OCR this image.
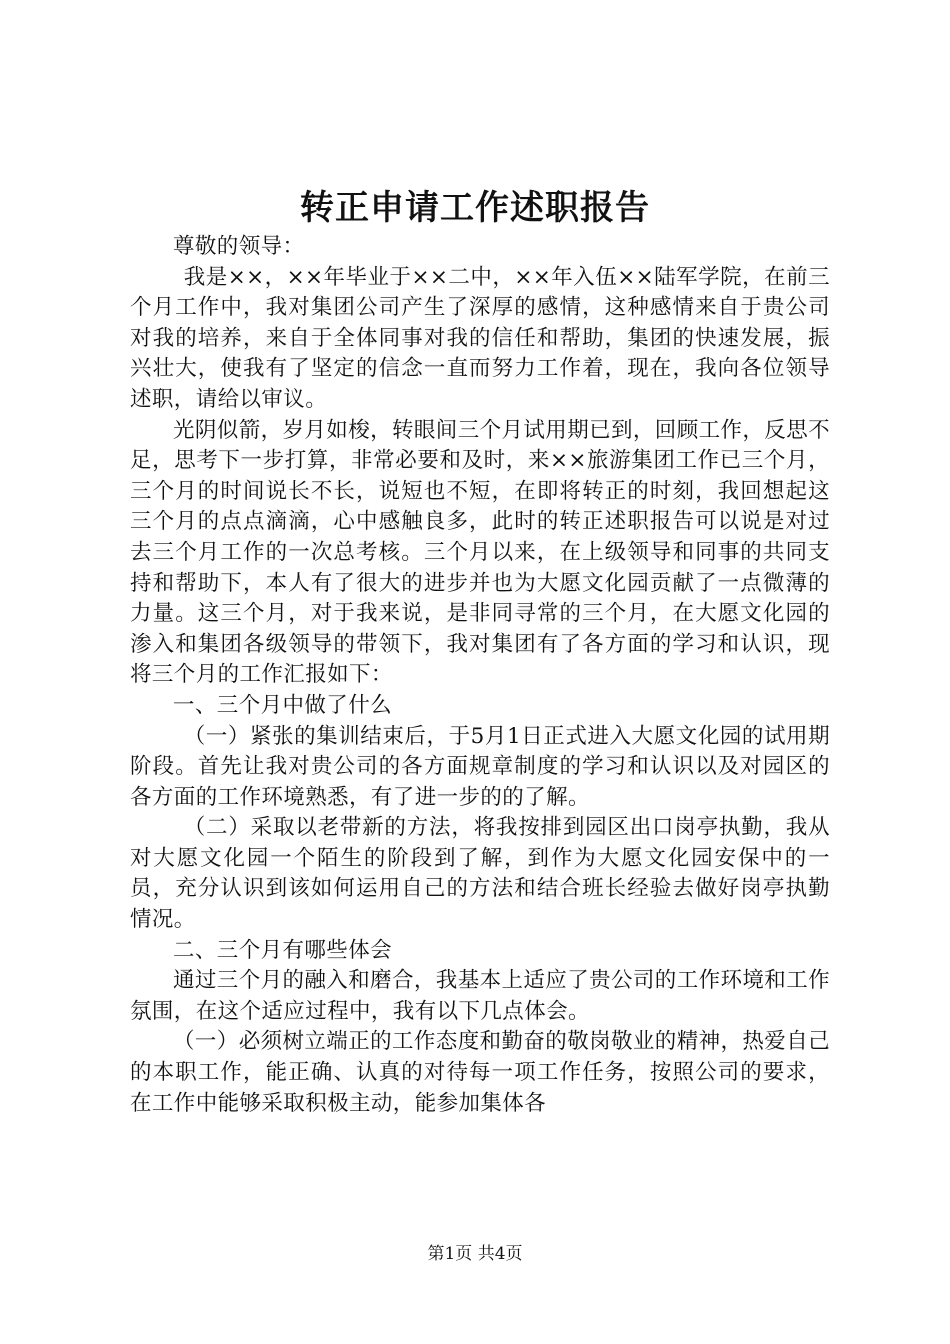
转正申请工作述职报告

尊敬的领导：

我是××，××年毕业于××二中，××年入伍××陆军学院，在前三个月工作中，我对集团公司产生了深厚的感情，这种感情来自于贵公司对我的培养，来自于全体同事对我的信任和帮助，集团的快速发展，振兴壮大，使我有了坚定的信念一直而努力工作着，现在，我向各位领导述职，请给以审议。

光阴似箭，岁月如梭，转眼间三个月试用期已到，回顾工作，反思不足，思考下一步打算，非常必要和及时，来××旅游集团工作已三个月，三个月的时间说长不长，说短也不短，在即将转正的时刻，我回想起这三个月的点点滴滴，心中感触良多，此时的转正述职报告可以说是对过去三个月工作的一次总考核。三个月以来，在上级领导和同事的共同支持和帮助下，本人有了很大的进步并也为大愿文化园贡献了一点微薄的力量。这三个月，对于我来说，是非同寻常的三个月，在大愿文化园的渗入和集团各级领导的带领下，我对集团有了各方面的学习和认识，现将三个月的工作汇报如下：

一、三个月中做了什么

（一）紧张的集训结束后，于5月1日正式进入大愿文化园的试用期阶段。首先让我对贵公司的各方面规章制度的学习和认识以及对园区的各方面的工作环境熟悉，有了进一步的的了解。

（二）采取以老带新的方法，将我按排到园区出口岗亭执勤，我从对大愿文化园一个陌生的阶段到了解，到作为大愿文化园安保中的一员，充分认识到该如何运用自己的方法和结合班长经验去做好岗亭执勤情况。

二、三个月有哪些体会

通过三个月的融入和磨合，我基本上适应了贵公司的工作环境和工作氛围，在这个适应过程中，我有以下几点体会。

（一）必须树立端正的工作态度和勤奋的敬岗敬业的精神，热爱自己的本职工作，能正确、认真的对待每一项工作任务，按照公司的要求，在工作中能够采取积极主动，能参加集体各

第1页 共4页
